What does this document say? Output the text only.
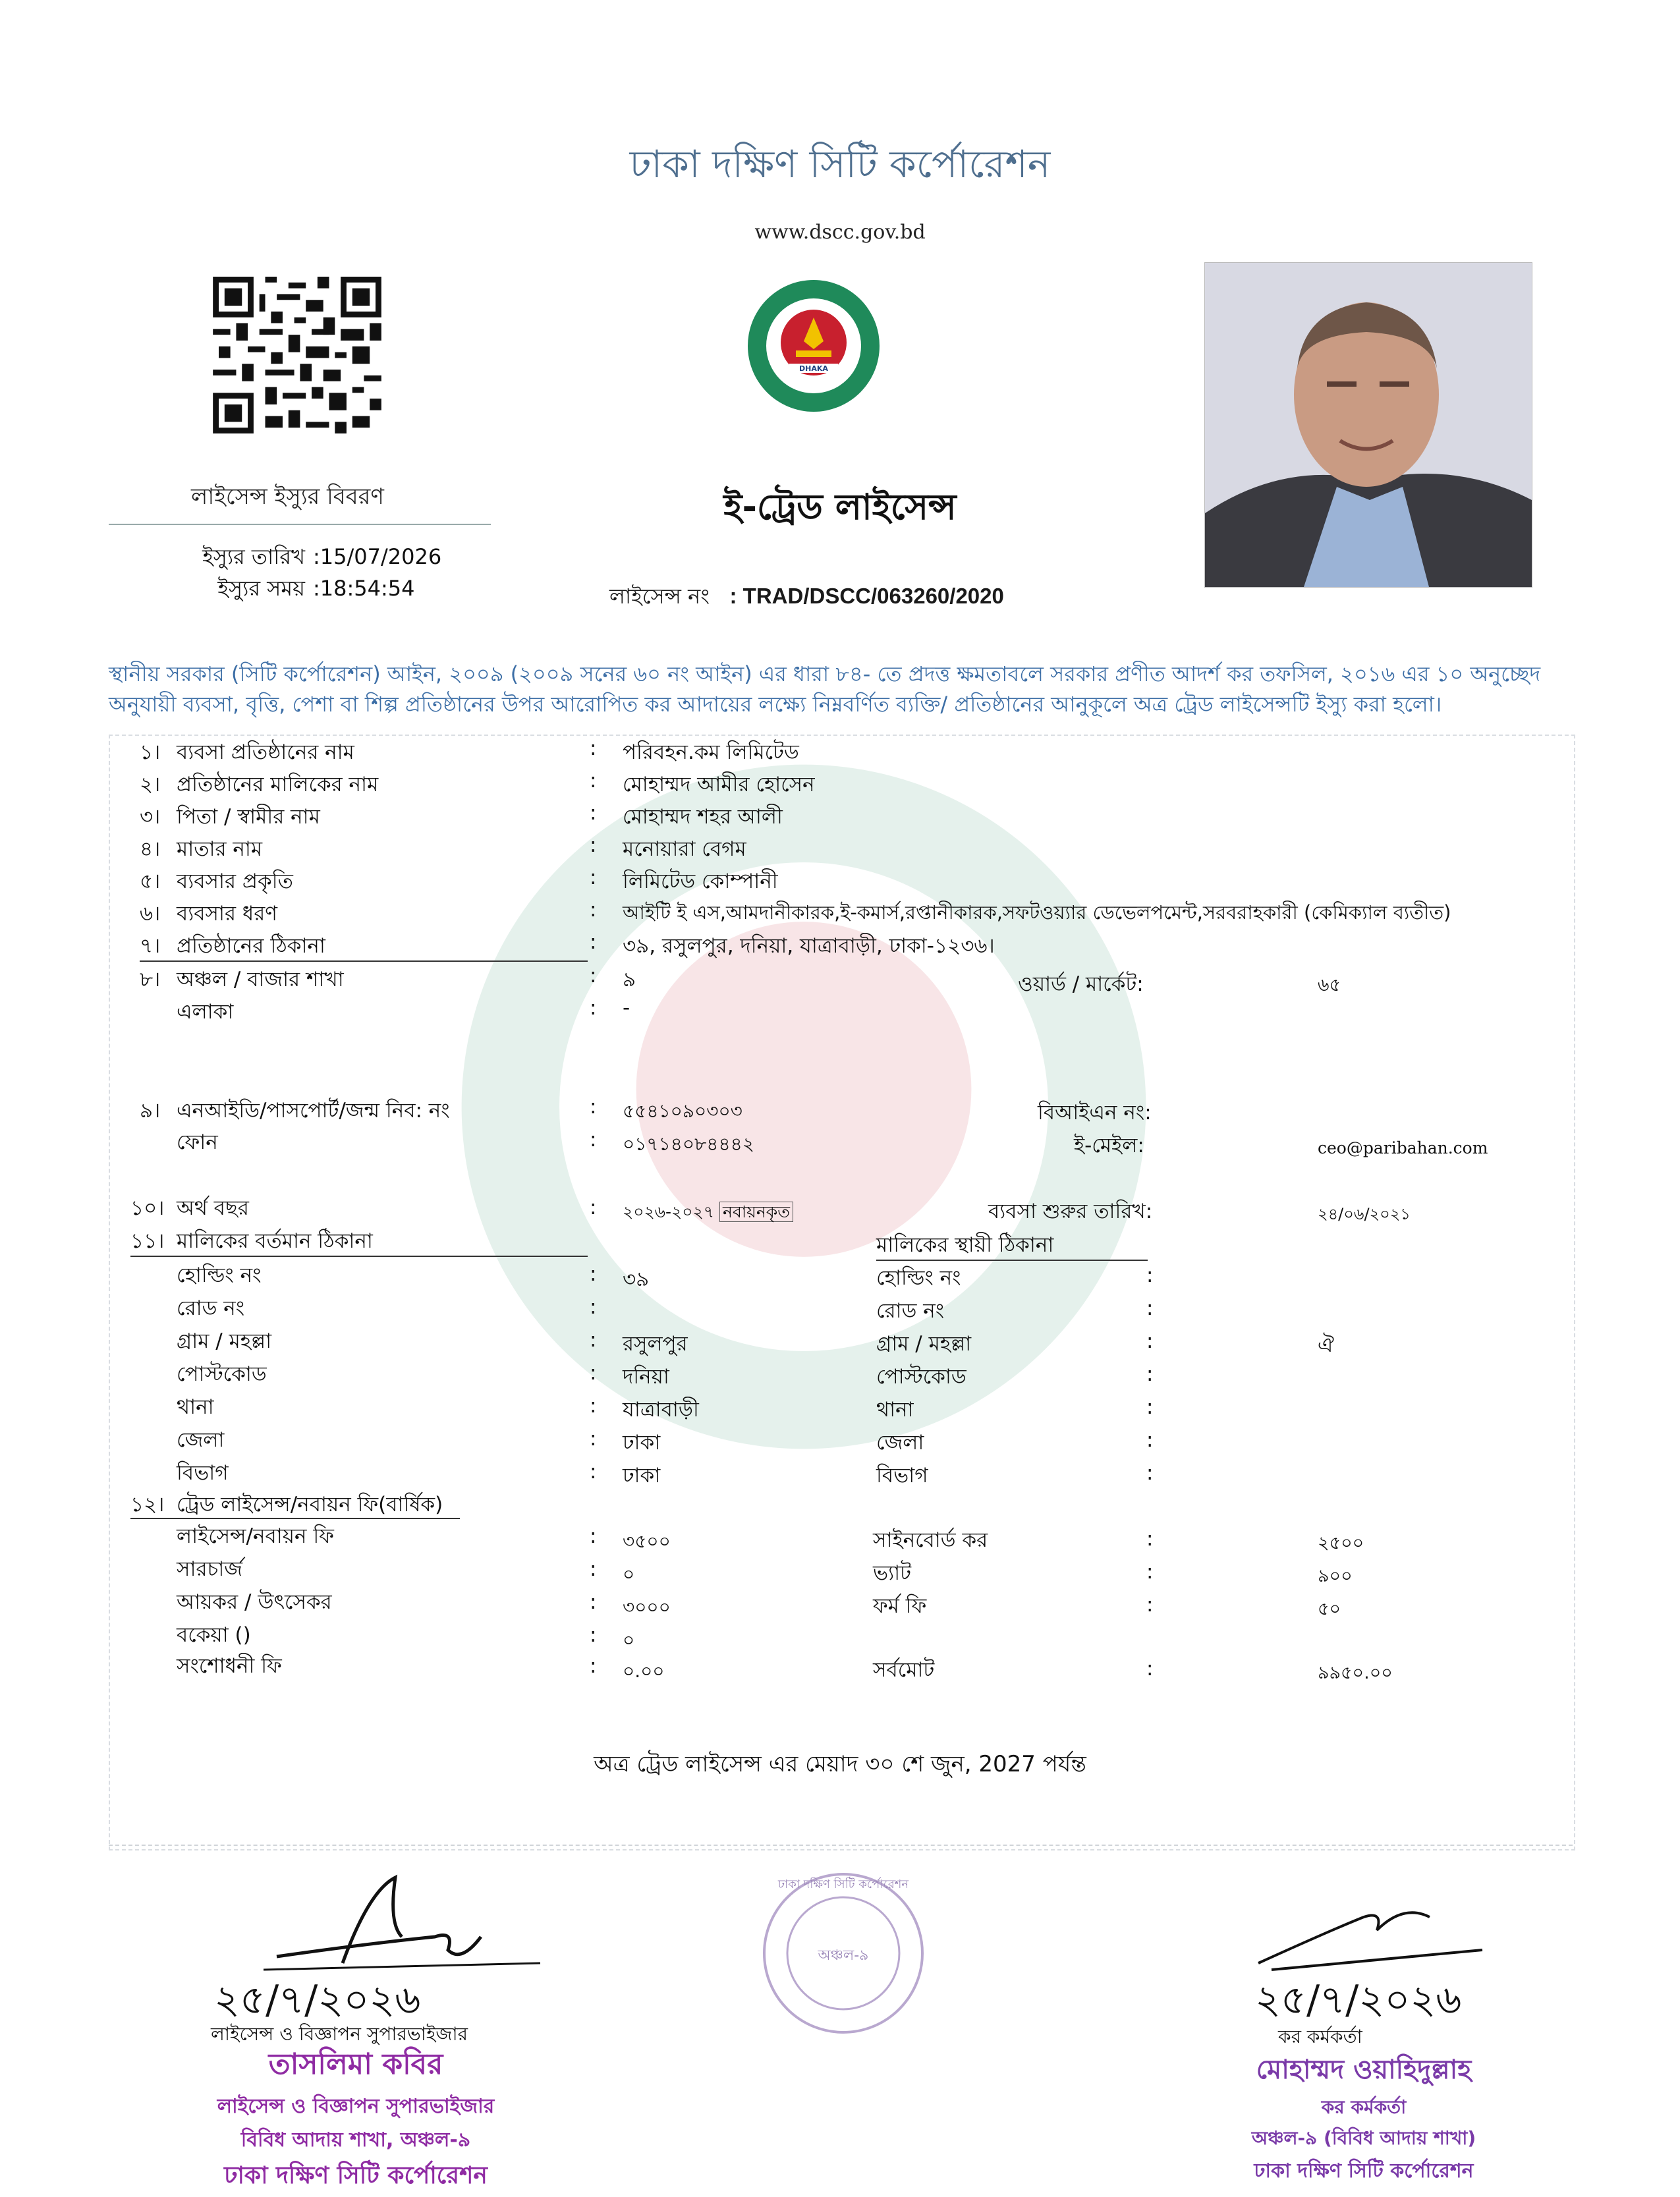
ঢাকা দক্ষিণ সিটি কর্পোরেশন
www.dscc.gov.bd
DHAKA
ই-ট্রেড লাইসেন্স
লাইসেন্স ইস্যুর বিবরণ
ইস্যুর তারিখ :15/07/2026
ইস্যুর সময় :18:54:54	লাইসেন্স নং : TRAD/DSCC/063260/2020
স্থানীয় সরকার (সিটি কর্পোরেশন) আইন, ২০০৯ (২০০৯ সনের ৬০ নং আইন) এর ধারা ৮৪- তে প্রদত্ত ক্ষমতাবলে সরকার প্রণীত আদর্শ কর তফসিল, ২০১৬ এর ১০ অনুচ্ছেদ অনুযায়ী ব্যবসা, বৃত্তি, পেশা বা শিল্প প্রতিষ্ঠানের উপর আরোপিত কর আদায়ের লক্ষ্যে নিম্নবর্ণিত ব্যক্তি/ প্রতিষ্ঠানের আনুকূলে অত্র ট্রেড লাইসেন্সটি ইস্যু করা হলো।
১। ব্যবসা প্রতিষ্ঠানের নাম	: পরিবহন.কম লিমিটেড
২। প্রতিষ্ঠানের মালিকের নাম	: মোহাম্মদ আমীর হোসেন
৩। পিতা / স্বামীর নাম	: মোহাম্মদ শহর আলী
৪। মাতার নাম	: মনোয়ারা বেগম
৫। ব্যবসার প্রকৃতি	: লিমিটেড কোম্পানী
৬। ব্যবসার ধরণ	: আইটি ই এস,আমদানীকারক,ই-কমার্স,রপ্তানীকারক,সফটওয়্যার ডেভেলপমেন্ট,সরবরাহকারী (কেমিক্যাল ব্যতীত)
৭। প্রতিষ্ঠানের ঠিকানা	: ৩৯, রসুলপুর, দনিয়া, যাত্রাবাড়ী, ঢাকা-১২৩৬।
৮। অঞ্চল / বাজার শাখা	: ৯	ওয়ার্ড / মার্কেট:	৬৫
এলাকা	: -
৯। এনআইডি/পাসপোর্ট/জন্ম নিব: নং	: ৫৫৪১০৯০৩০৩	বিআইএন নং:
ফোন	: ০১৭১৪০৮৪৪৪২	ই-মেইল:	ceo@paribahan.com
১০। অর্থ বছর	: ২০২৬-২০২৭ নবায়নকৃত	ব্যবসা শুরুর তারিখ:	২৪/০৬/২০২১
১১। মালিকের বর্তমান ঠিকানা	মালিকের স্থায়ী ঠিকানা
হোল্ডিং নং	: ৩৯	হোল্ডিং নং	:
রোড নং	:	রোড নং	:
গ্রাম / মহল্লা	: রসুলপুর	গ্রাম / মহল্লা	:	ঐ
পোস্টকোড	: দনিয়া	পোস্টকোড	:
থানা	: যাত্রাবাড়ী	থানা	:
জেলা	: ঢাকা	জেলা	:
বিভাগ	: ঢাকা	বিভাগ	:
১২। ট্রেড লাইসেন্স/নবায়ন ফি(বার্ষিক)
লাইসেন্স/নবায়ন ফি	: ৩৫০০	সাইনবোর্ড কর	:	২৫০০
সারচার্জ	: ০	ভ্যাট	:	৯০০
আয়কর / উৎসেকর	: ৩০০০	ফর্ম ফি	:	৫০
বকেয়া ()	: ০
সংশোধনী ফি	: ০.০০	সর্বমোট	:	৯৯৫০.০০
অত্র ট্রেড লাইসেন্স এর মেয়াদ ৩০ শে জুন, 2027 পর্যন্ত
ঢাকা দক্ষিণ সিটি কর্পোরেশন
অঞ্চল-৯
২৫/৭/২০২৬
লাইসেন্স ও বিজ্ঞাপন সুপারভাইজার
তাসলিমা কবির
লাইসেন্স ও বিজ্ঞাপন সুপারভাইজার
বিবিধ আদায় শাখা, অঞ্চল-৯
ঢাকা দক্ষিণ সিটি কর্পোরেশন
২৫/৭/২০২৬
কর কর্মকর্তা
মোহাম্মদ ওয়াহিদুল্লাহ
কর কর্মকর্তা
অঞ্চল-৯ (বিবিধ আদায় শাখা)
ঢাকা দক্ষিণ সিটি কর্পোরেশন
